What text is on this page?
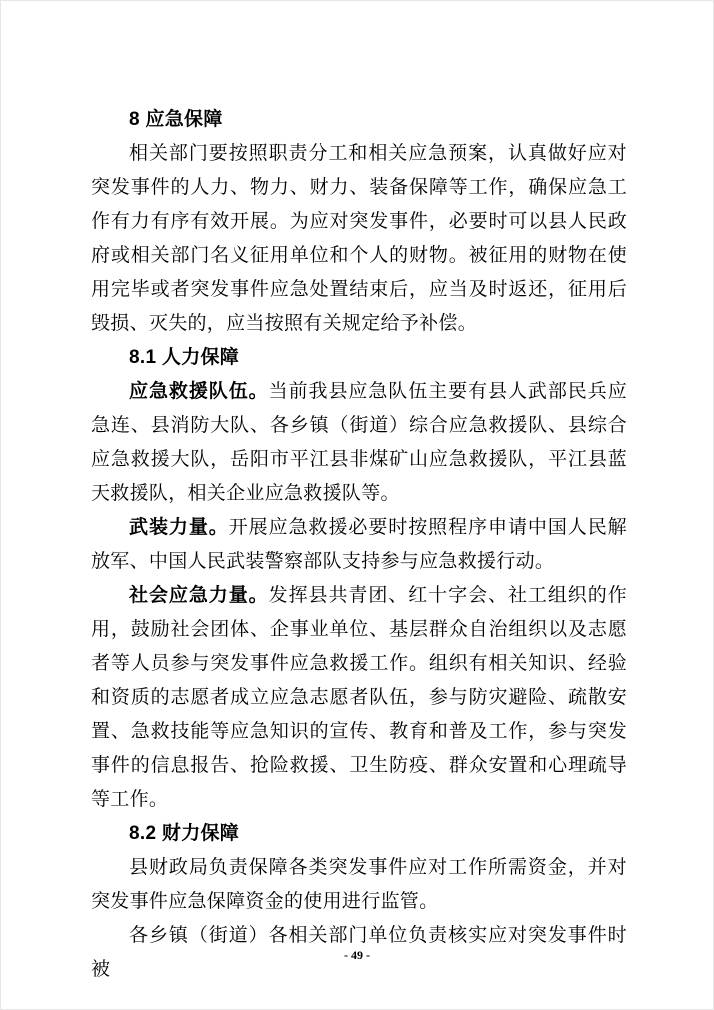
8 应急保障

相关部门要按照职责分工和相关应急预案，认真做好应对突发事件的人力、物力、财力、装备保障等工作，确保应急工作有力有序有效开展。为应对突发事件，必要时可以县人民政府或相关部门名义征用单位和个人的财物。被征用的财物在使用完毕或者突发事件应急处置结束后，应当及时返还，征用后毁损、灭失的，应当按照有关规定给予补偿。

8.1 人力保障

应急救援队伍。当前我县应急队伍主要有县人武部民兵应急连、县消防大队、各乡镇（街道）综合应急救援队、县综合应急救援大队，岳阳市平江县非煤矿山应急救援队，平江县蓝天救援队，相关企业应急救援队等。

武装力量。开展应急救援必要时按照程序申请中国人民解放军、中国人民武装警察部队支持参与应急救援行动。

社会应急力量。发挥县共青团、红十字会、社工组织的作用，鼓励社会团体、企事业单位、基层群众自治组织以及志愿者等人员参与突发事件应急救援工作。组织有相关知识、经验和资质的志愿者成立应急志愿者队伍，参与防灾避险、疏散安置、急救技能等应急知识的宣传、教育和普及工作，参与突发事件的信息报告、抢险救援、卫生防疫、群众安置和心理疏导等工作。

8.2 财力保障

县财政局负责保障各类突发事件应对工作所需资金，并对突发事件应急保障资金的使用进行监管。

各乡镇（街道）各相关部门单位负责核实应对突发事件时被

- 49 -
